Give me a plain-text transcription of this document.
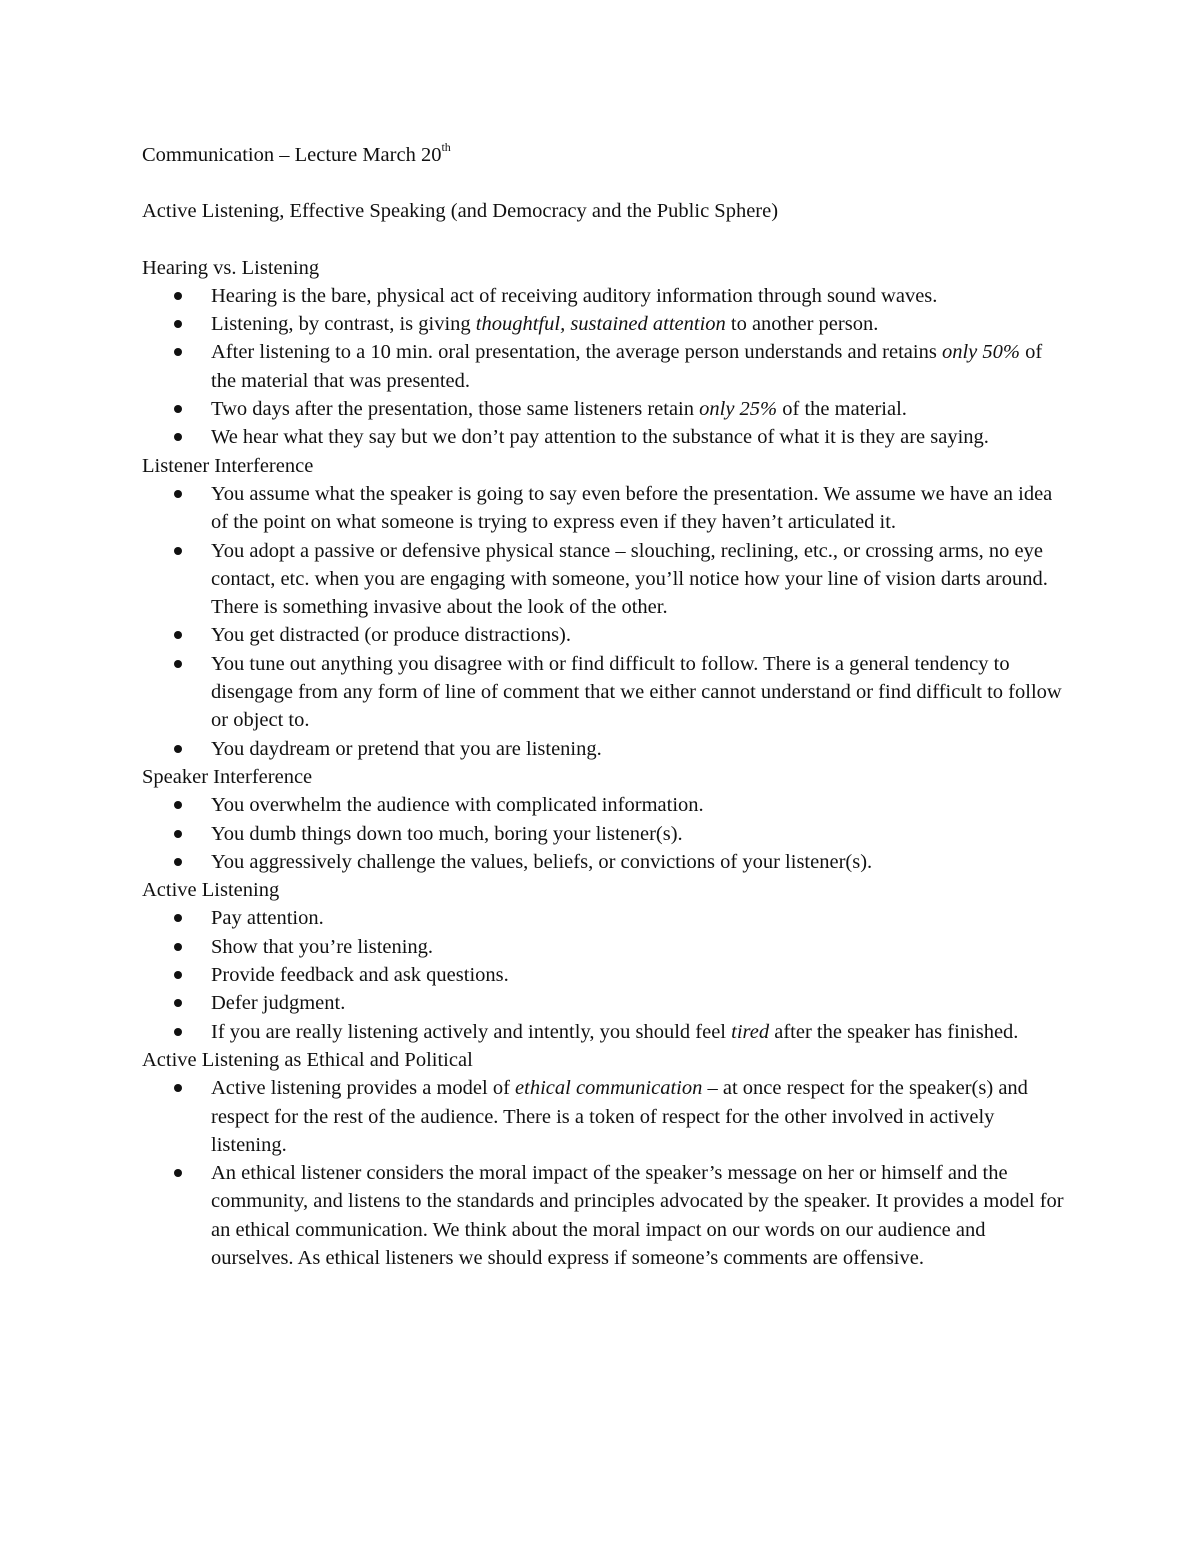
Communication – Lecture March 20th
Active Listening, Effective Speaking (and Democracy and the Public Sphere)
Hearing vs. Listening
Hearing is the bare, physical act of receiving auditory information through sound waves.
Listening, by contrast, is giving thoughtful, sustained attention to another person.
After listening to a 10 min. oral presentation, the average person understands and retains only 50% of the material that was presented.
Two days after the presentation, those same listeners retain only 25% of the material.
We hear what they say but we don’t pay attention to the substance of what it is they are saying.
Listener Interference
You assume what the speaker is going to say even before the presentation. We assume we have an idea of the point on what someone is trying to express even if they haven’t articulated it.
You adopt a passive or defensive physical stance – slouching, reclining, etc., or crossing arms, no eye contact, etc. when you are engaging with someone, you’ll notice how your line of vision darts around. There is something invasive about the look of the other.
You get distracted (or produce distractions).
You tune out anything you disagree with or find difficult to follow. There is a general tendency to disengage from any form of line of comment that we either cannot understand or find difficult to follow or object to.
You daydream or pretend that you are listening.
Speaker Interference
You overwhelm the audience with complicated information.
You dumb things down too much, boring your listener(s).
You aggressively challenge the values, beliefs, or convictions of your listener(s).
Active Listening
Pay attention.
Show that you’re listening.
Provide feedback and ask questions.
Defer judgment.
If you are really listening actively and intently, you should feel tired after the speaker has finished.
Active Listening as Ethical and Political
Active listening provides a model of ethical communication – at once respect for the speaker(s) and respect for the rest of the audience. There is a token of respect for the other involved in actively listening.
An ethical listener considers the moral impact of the speaker’s message on her or himself and the community, and listens to the standards and principles advocated by the speaker. It provides a model for an ethical communication. We think about the moral impact on our words on our audience and ourselves. As ethical listeners we should express if someone’s comments are offensive.
